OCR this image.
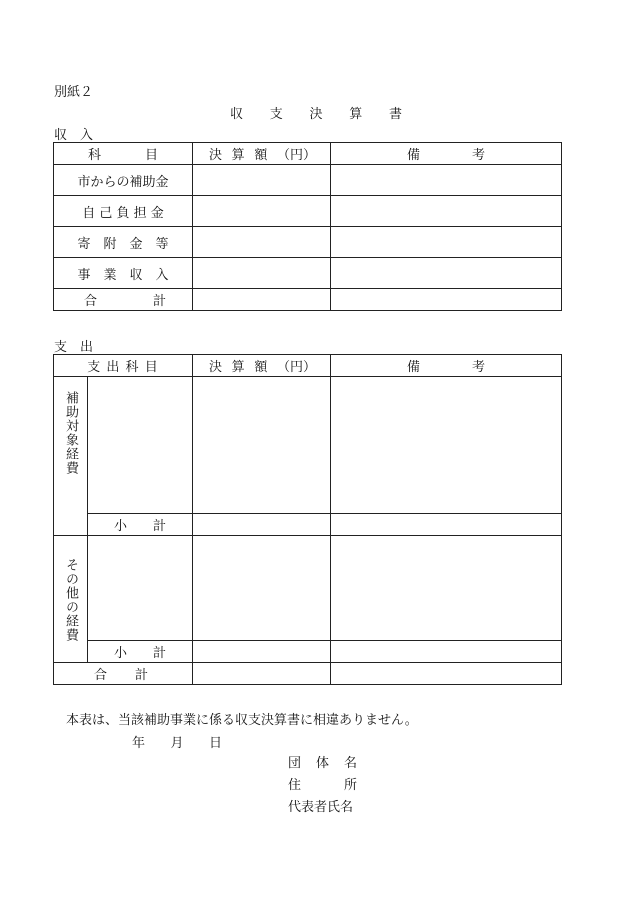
別紙２
収 支 決 算 書
収　入
科 目	決 算 額 （円）	備 考

市からの補助金		
自 己 負 担 金		
寄　附　金　等		
事　業　収　入		

合 計		

支　出
支 出 科 目		決 算 額 （円）	備 考

補助対象経費			

	小 計		

その他の経費			

	小 計		

合 計			

本表は、当該補助事業に係る収支決算書に相違ありません。
年 月 日
団　体　名
住　　　所
代表者氏名
